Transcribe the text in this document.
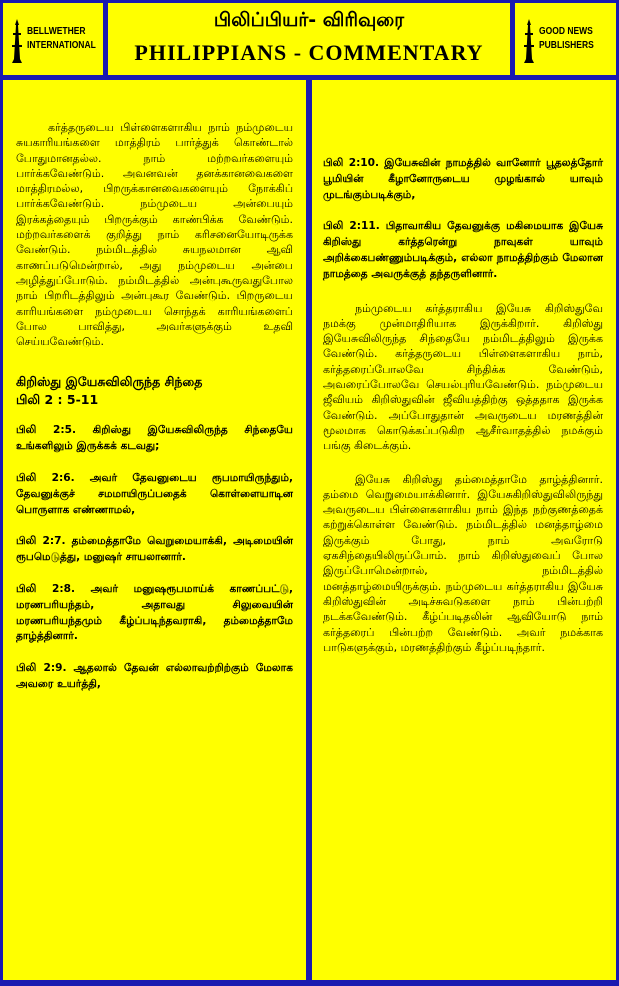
BELLWETHER
INTERNATIONAL
பிலிப்பியர்- விரிவுரை
PHILIPPIANS - COMMENTARY
GOOD NEWS
PUBLISHERS

கர்த்தருடைய பிள்ளைகளாகிய நாம் நம்முடைய சுயகாரியங்களை மாத்திரம் பார்த்துக் கொண்டால் போதுமானதல்ல. நாம் மற்றவர்களையும் பார்க்கவேண்டும். அவனவன் தனக்கானவைகளை மாத்திரமல்ல, பிறருக்கானவைகளையும் நோக்கிப் பார்க்கவேண்டும். நம்முடைய அன்பையும் இரக்கத்தையும் பிறருக்கும் காண்பிக்க வேண்டும். மற்றவர்களைக் குறித்து நாம் கரிசனையோடிருக்க வேண்டும். நம்மிடத்தில் சுயநலமான ஆவி காணப்படுமென்றால், அது நம்முடைய அன்பை அழித்துப்போடும். நம்மிடத்தில் அன்புகூருவதுபோல நாம் பிறரிடத்திலும் அன்புகூர வேண்டும். பிறருடைய காரியங்களை நம்முடைய சொந்தக் காரியங்களைப் போல பாவித்து, அவர்களுக்கும் உதவி செய்யவேண்டும்.

கிறிஸ்து இயேசுவிலிருந்த சிந்தை

பிலி 2 : 5-11

பிலி 2:5. கிறிஸ்து இயேசுவிலிருந்த சிந்தையே உங்களிலும் இருக்கக் கடவது;

பிலி 2:6. அவர் தேவனுடைய ரூபமாயிருந்தும், தேவனுக்குச் சமமாயிருப்பதைக் கொள்ளையாடின பொருளாக எண்ணாமல்,

பிலி 2:7. தம்மைத்தாமே வெறுமையாக்கி, அடிமையின் ரூபமெடுத்து, மனுஷர் சாயலானார்.

பிலி 2:8. அவர் மனுஷரூபமாய்க் காணப்பட்டு, மரணபரியந்தம், அதாவது சிலுவையின் மரணபரியந்தமும் கீழ்ப்படிந்தவராகி, தம்மைத்தாமே தாழ்த்தினார்.

பிலி 2:9. ஆதலால் தேவன் எல்லாவற்றிற்கும் மேலாக அவரை உயர்த்தி,

பிலி 2:10. இயேசுவின் நாமத்தில் வானோர் பூதலத்தோர் பூமியின் கீழானோருடைய முழங்கால் யாவும் முடங்கும்படிக்கும்,

பிலி 2:11. பிதாவாகிய தேவனுக்கு மகிமையாக இயேசு கிறிஸ்து கர்த்தரென்று நாவுகள் யாவும் அறிக்கைபண்ணும்படிக்கும், எல்லா நாமத்திற்கும் மேலான நாமத்தை அவருக்குத் தந்தருளினார்.

நம்முடைய கர்த்தராகிய இயேசு கிறிஸ்துவே நமக்கு முன்மாதிரியாக இருக்கிறார். கிறிஸ்து இயேசுவிலிருந்த சிந்தையே நம்மிடத்திலும் இருக்க வேண்டும். கர்த்தருடைய பிள்ளைகளாகிய நாம், கர்த்தரைப்போலவே சிந்திக்க வேண்டும், அவரைப்போலவே செயல்புரியவேண்டும். நம்முடைய ஜீவியம் கிறிஸ்துவின் ஜீவியத்திற்கு ஒத்ததாக இருக்க வேண்டும். அப்போதுதான் அவருடைய மரணத்தின் மூலமாக கொடுக்கப்படுகிற ஆசீர்வாதத்தில் நமக்கும் பங்கு கிடைக்கும்.

இயேசு கிறிஸ்து தம்மைத்தாமே தாழ்த்தினார். தம்மை வெறுமையாக்கினார். இயேசுகிறிஸ்துவிலிருந்து அவருடைய பிள்ளைகளாகிய நாம் இந்த நற்குணத்தைக் கற்றுக்கொள்ள வேண்டும். நம்மிடத்தில் மனத்தாழ்மை இருக்கும் போது, நாம் அவரோடு ஏகசிந்தையிலிருப்போம். நாம் கிறிஸ்துவைப் போல இருப்போமென்றால், நம்மிடத்தில் மனத்தாழ்மையிருக்கும். நம்முடைய கர்த்தராகிய இயேசு கிறிஸ்துவின் அடிச்சுவடுகளை நாம் பின்பற்றி நடக்கவேண்டும். கீழ்ப்படிதலின் ஆவியோடு நாம் கர்த்தரைப் பின்பற்ற வேண்டும். அவர் நமக்காக பாடுகளுக்கும், மரணத்திற்கும் கீழ்ப்படிந்தார்.
